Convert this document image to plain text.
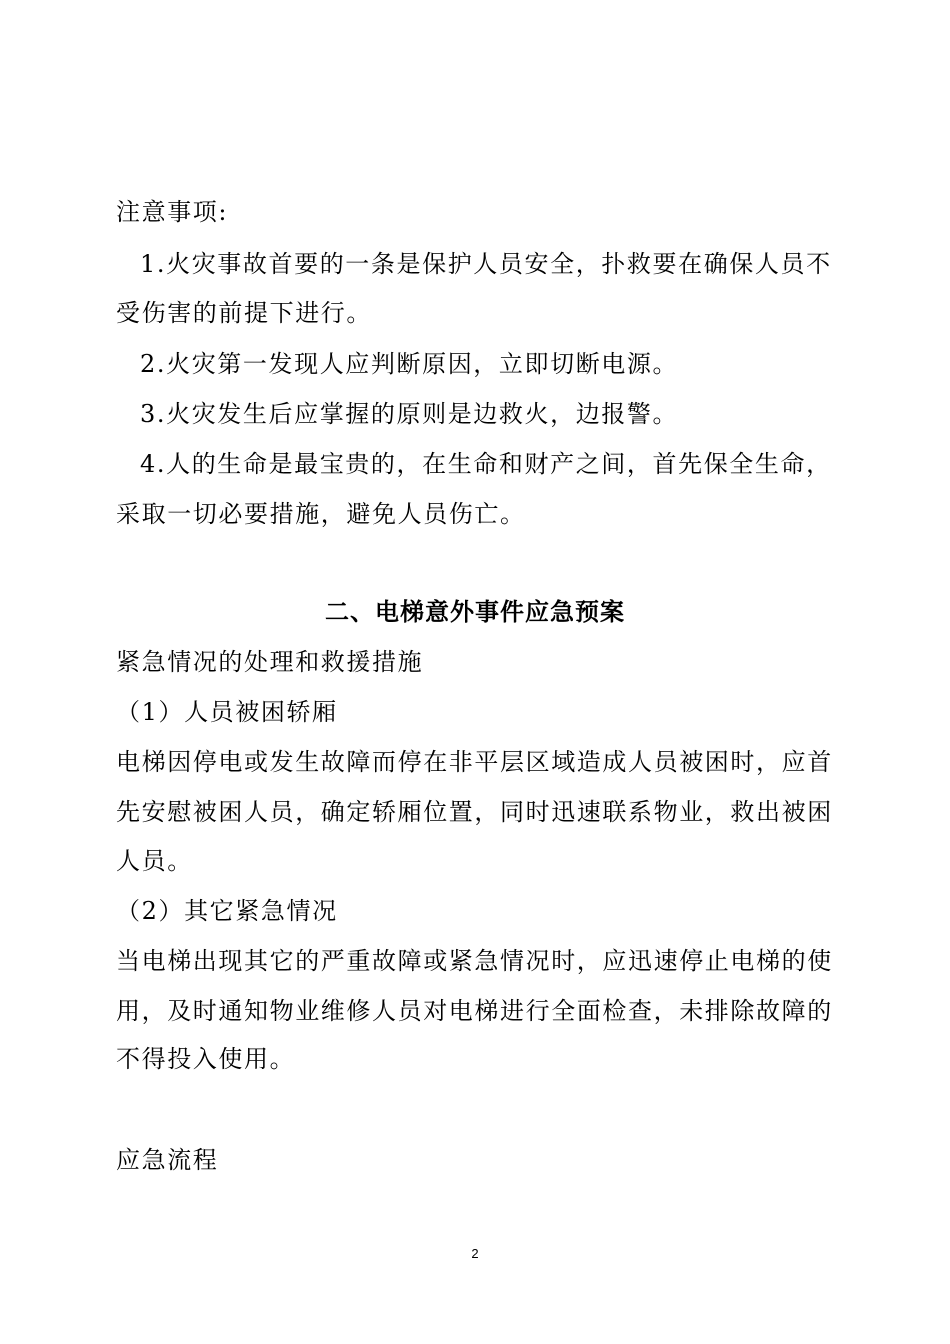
注意事项:
1.火灾事故首要的一条是保护人员安全，扑救要在确保人员不
受伤害的前提下进行。
2.火灾第一发现人应判断原因，立即切断电源。
3.火灾发生后应掌握的原则是边救火，边报警。
4.人的生命是最宝贵的，在生命和财产之间，首先保全生命，
采取一切必要措施，避免人员伤亡。
二、电梯意外事件应急预案
紧急情况的处理和救援措施
（1）人员被困轿厢
电梯因停电或发生故障而停在非平层区域造成人员被困时，应首
先安慰被困人员，确定轿厢位置，同时迅速联系物业，救出被困
人员。
（2）其它紧急情况
当电梯出现其它的严重故障或紧急情况时，应迅速停止电梯的使
用，及时通知物业维修人员对电梯进行全面检查，未排除故障的
不得投入使用。
应急流程
2
